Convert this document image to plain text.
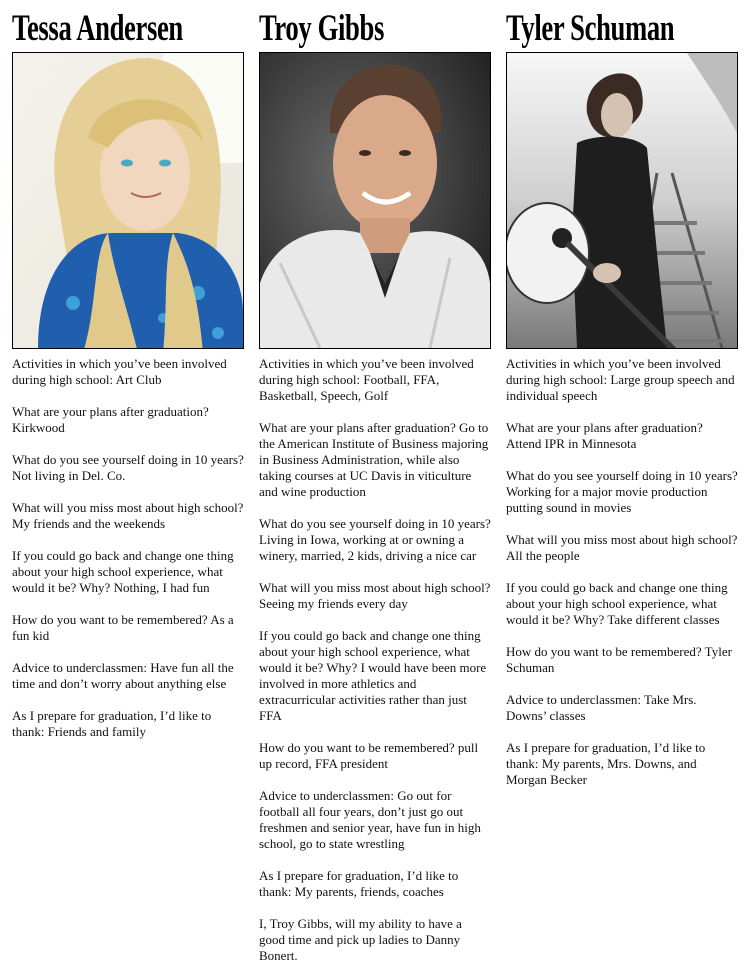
Tessa Andersen

Activities in which you’ve been involved during high school: Art Club

What are your plans after graduation? Kirkwood

What do you see yourself doing in 10 years? Not living in Del. Co.

What will you miss most about high school? My friends and the weekends

If you could go back and change one thing about your high school experience, what would it be? Why? Nothing, I had fun

How do you want to be remembered? As a fun kid

Advice to underclassmen: Have fun all the time and don’t worry about anything else

As I prepare for graduation, I’d like to thank: Friends and family

Troy Gibbs

Activities in which you’ve been involved during high school: Football, FFA, Basketball, Speech, Golf

What are your plans after graduation? Go to the American Institute of Business majoring in Business Administration, while also taking courses at UC Davis in viticulture and wine production

What do you see yourself doing in 10 years? Living in Iowa, working at or owning a winery, married, 2 kids, driving a nice car

What will you miss most about high school? Seeing my friends every day

If you could go back and change one thing about your high school experience, what would it be? Why? I would have been more involved in more athletics and extracurricular activities rather than just FFA

How do you want to be remembered? pull up record, FFA president

Advice to underclassmen: Go out for football all four years, don’t just go out freshmen and senior year, have fun in high school, go to state wrestling

As I prepare for graduation, I’d like to thank: My parents, friends, coaches

I, Troy Gibbs, will my ability to have a good time and pick up ladies to Danny Bonert.

Tyler Schuman

Activities in which you’ve been involved during high school: Large group speech and individual speech

What are your plans after graduation? Attend IPR in Minnesota

What do you see yourself doing in 10 years? Working for a major movie production putting sound in movies

What will you miss most about high school? All the people

If you could go back and change one thing about your high school experience, what would it be? Why? Take different classes

How do you want to be remembered? Tyler Schuman

Advice to underclassmen: Take Mrs. Downs’ classes

As I prepare for graduation, I’d like to thank: My parents, Mrs. Downs, and Morgan Becker
